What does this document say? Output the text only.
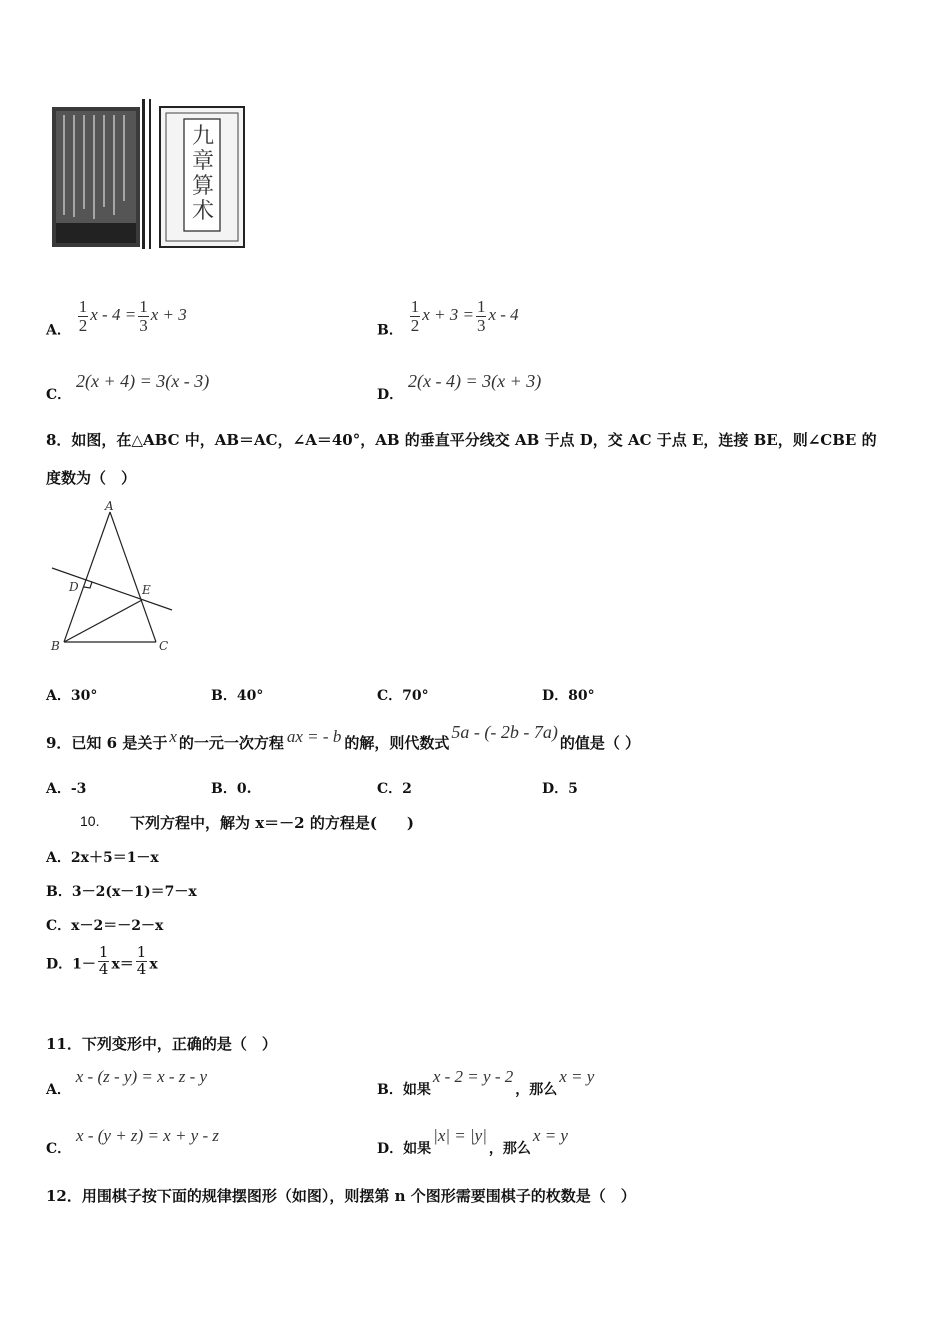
九章算术
A． $\frac{1}{2}$ $x - 4 = \frac{1}{3}$ x + 3
B． $\frac{1}{2}$ $x + 3 = \frac{1}{3}$ x - 4
C． 2(x + 4) = 3(x - 3)
D． 2(x - 4) = 3(x + 3)
8．如图，在△ABC 中，AB＝AC，∠A＝40°，AB 的垂直平分线交 AB 于点 D，交 AC 于点 E，连接 BE，则∠CBE 的
度数为（　）
A
B	C
D	E
A．30°	B．40°	C．70°	D．80°
9．已知 6 是关于 x 的一元一次方程 ax = - b 的解，则代数式5a - (- 2b - 7a)的值是（ ）
A．-3	B．0.	C．2	D．5
10. 下列方程中，解为 x＝－2 的方程是(　　)
A．2x＋5＝1－x
B．3－2(x－1)＝7－x
C．x－2＝－2－x
D．$1- \frac{1}{4} x= \frac{1}{4}$ x
11．下列变形中，正确的是（　）
A． x - (z - y) = x - z - y
B．如果x - 2 = y - 2，那么x = y
C． x - (y + z) = x + y - z
D．如果|x| = |y|，那么x = y
12．用围棋子按下面的规律摆图形（如图），则摆第 n 个图形需要围棋子的枚数是（　）
